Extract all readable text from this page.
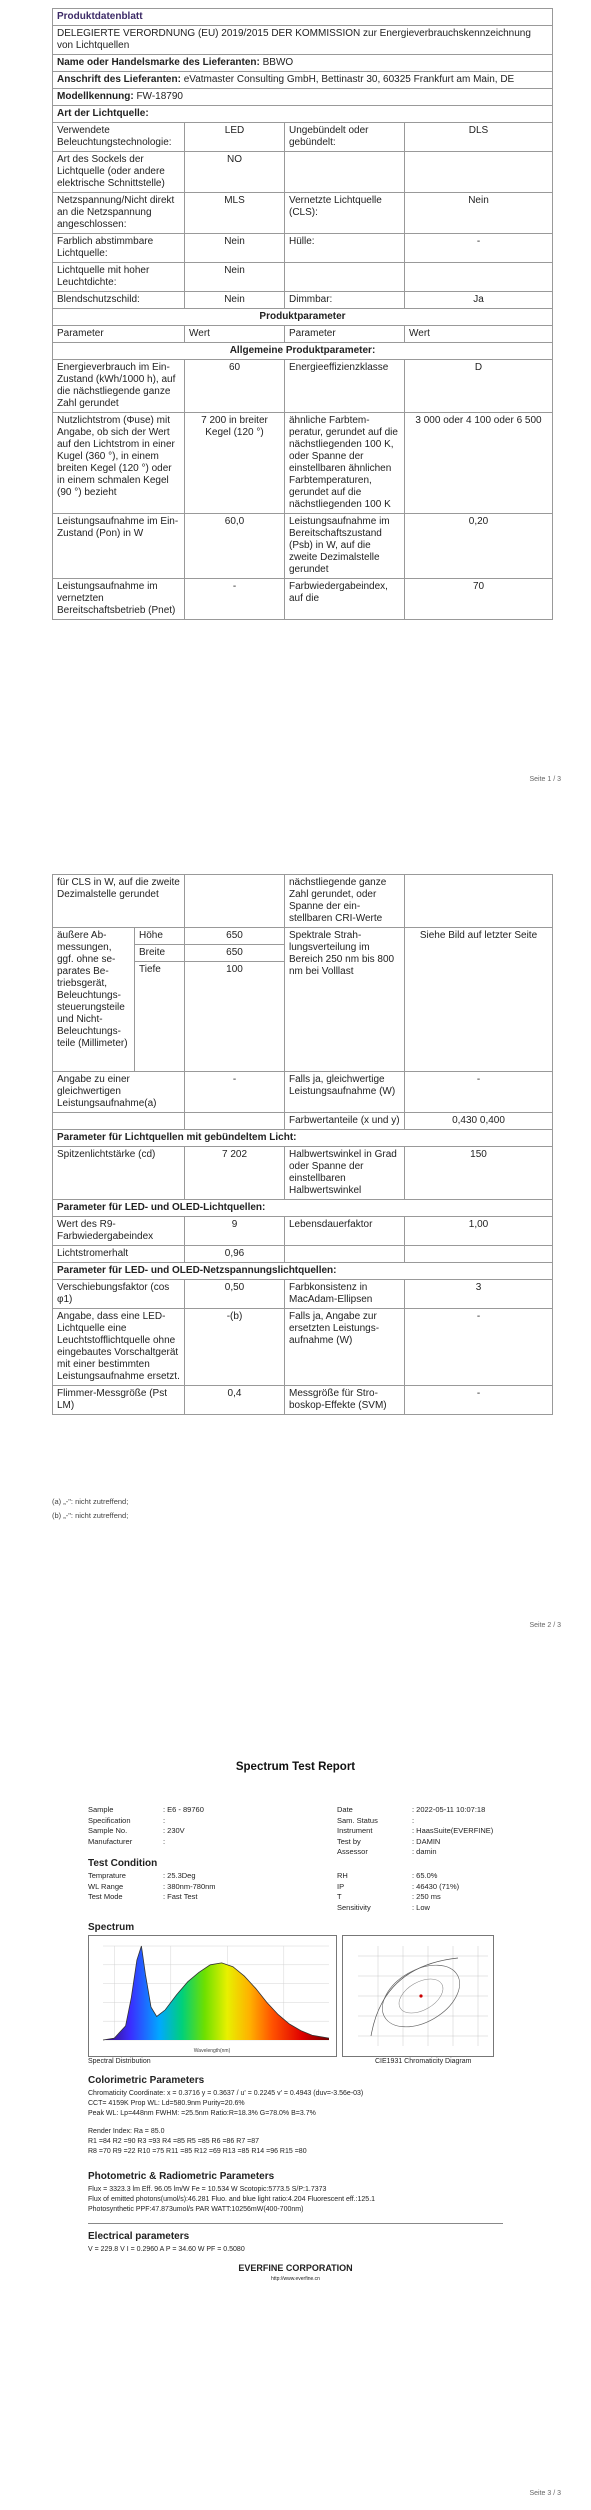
Produktdatenblatt			
DELEGIERTE VERORDNUNG (EU) 2019/2015 DER KOMMISSION zur Energieverbrauchskennzeichnung von Lichtquellen			
Name oder Handelsmarke des Lieferanten: BBWO			
Anschrift des Lieferanten: eVatmaster Consulting GmbH, Bettinastr 30, 60325 Frankfurt am Main, DE			
Modellkennung: FW-18790			
Art der Lichtquelle:			
Verwendete Beleuchtungstechnologie:	LED	Ungebündelt oder gebündelt:	DLS
Art des Sockels der Lichtquelle (oder andere elektrische Schnittstelle)	NO		
Netzspannung/Nicht direkt an die Netzspannung angeschlossen:	MLS	Vernetzte Lichtquelle (CLS):	Nein
Farblich abstimmbare Lichtquelle:	Nein	Hülle:	-
Lichtquelle mit hoher Leuchtdichte:	Nein		
Blendschutzschild:	Nein	Dimmbar:	Ja
Produktparameter			
Parameter	Wert	Parameter	Wert
Allgemeine Produktparameter:			
Energieverbrauch im Ein-Zustand (kWh/1000 h), auf die nächstliegende ganze Zahl gerundet	60	Energieeffizienzklasse	D
Nutzlichtstrom (Φuse) mit Angabe, ob sich der Wert auf den Lichtstrom in einer Kugel (360 °), in einem breiten Kegel (120 °) oder in einem schmalen Kegel (90 °) bezieht	7 200 in breiter Kegel (120 °)	ähnliche Farbtemperatur, gerundet auf die nächstliegenden 100 K, oder Spanne der einstellbaren ähnlichen Farbtemperaturen, gerundet auf die nächstliegenden 100 K	3 000 oder 4 100 oder 6 500
Leistungsaufnahme im Ein-Zustand (Pon) in W	60,0	Leistungsaufnahme im Bereitschaftszustand (Psb) in W, auf die zweite Dezimalstelle gerundet	0,20
Leistungsaufnahme im vernetzten Bereitschaftsbetrieb (Pnet)	-	Farbwiedergabeindex, auf die	70
Seite 1 / 3
für CLS in W, auf die zweite Dezimalstelle gerundet			nächstliegende ganze Zahl gerundet, oder Spanne der einstellbaren CRI-Werte	
äußere Abmessungen, ggf. ohne separates Betriebsgerät, Beleuchtungssteuerungsteile und Nicht-Beleuchtungsteile (Millimeter)	Höhe	650	Spektrale Strahlungsverteilung im Bereich 250 nm bis 800 nm bei Volllast	Siehe Bild auf letzter Seite
	Breite	650		
	Tiefe	100		
Angabe zu einer gleichwertigen Leistungsaufnahme(a)		-	Falls ja, gleichwertige Leistungsaufnahme (W)	-
			Farbwertanteile (x und y)	0,430 0,400
Parameter für Lichtquellen mit gebündeltem Licht:				
Spitzenlichtstärke (cd)		7 202	Halbwertswinkel in Grad oder Spanne der einstellbaren Halbwertswinkel	150
Parameter für LED- und OLED-Lichtquellen:				
Wert des R9-Farbwiedergabeindex		9	Lebensdauerfaktor	1,00
Lichtstromerhalt		0,96		
Parameter für LED- und OLED-Netzspannungslichtquellen:				
Verschiebungsfaktor (cos φ1)		0,50	Farbkonsistenz in MacAdam-Ellipsen	3
Angabe, dass eine LED-Lichtquelle eine Leuchtstofflichtquelle ohne eingebautes Vorschaltgerät mit einer bestimmten Leistungsaufnahme ersetzt.		-(b)	Falls ja, Angabe zur ersetzten Leistungsaufnahme (W)	-
Flimmer-Messgröße (Pst LM)		0,4	Messgröße für Stroboskop-Effekte (SVM)	-
(a) „-": nicht zutreffend;
(b) „-": nicht zutreffend;
Seite 2 / 3
Spectrum Test Report
Sample	: E6 - 89760
Specification	:
Sample No.	: 230V
Manufacturer	:
Date	: 2022-05-11 10:07:18
Sam. Status	:
Instrument	: HaasSuite(EVERFINE)
Test by	: DAMIN
Assessor	: damin
Test Condition
Temprature	: 25.3Deg
WL Range	: 380nm-780nm
Test Mode	: Fast Test
RH	: 65.0%
IP	: 46430 (71%)
T	: 250 ms
Sensitivity	: Low
Spectrum
Wavelength(nm)
Spectral Distribution	CIE1931 Chromaticity Diagram
Colorimetric Parameters
Chromaticity Coordinate: x = 0.3716 y = 0.3637 / u' = 0.2245 v' = 0.4943 (duv=-3.56e-03)
CCT= 4159K Prop WL: Ld=580.9nm Purity=20.6%
Peak WL: Lp=448nm FWHM: =25.5nm Ratio:R=18.3% G=78.0% B=3.7%
Render Index: Ra = 85.0
R1 =84 R2 =90 R3 =93 R4 =85 R5 =85 R6 =86 R7 =87
R8 =70 R9 =22 R10 =75 R11 =85 R12 =69 R13 =85 R14 =96 R15 =80
Photometric & Radiometric Parameters
Flux = 3323.3 lm Eff. 96.05 lm/W Fe = 10.534 W Scotopic:5773.5 S/P:1.7373
Flux of emitted photons(umol/s):46.281 Fluo. and blue light ratio:4.204 Fluorescent eff.:125.1
Photosynthetic PPF:47.873umol/s PAR WATT:10256mW(400-700nm)
Electrical parameters
V = 229.8 V I = 0.2960 A P = 34.60 W PF = 0.5080
EVERFINE CORPORATION
http://www.everfine.cn
Seite 3 / 3
